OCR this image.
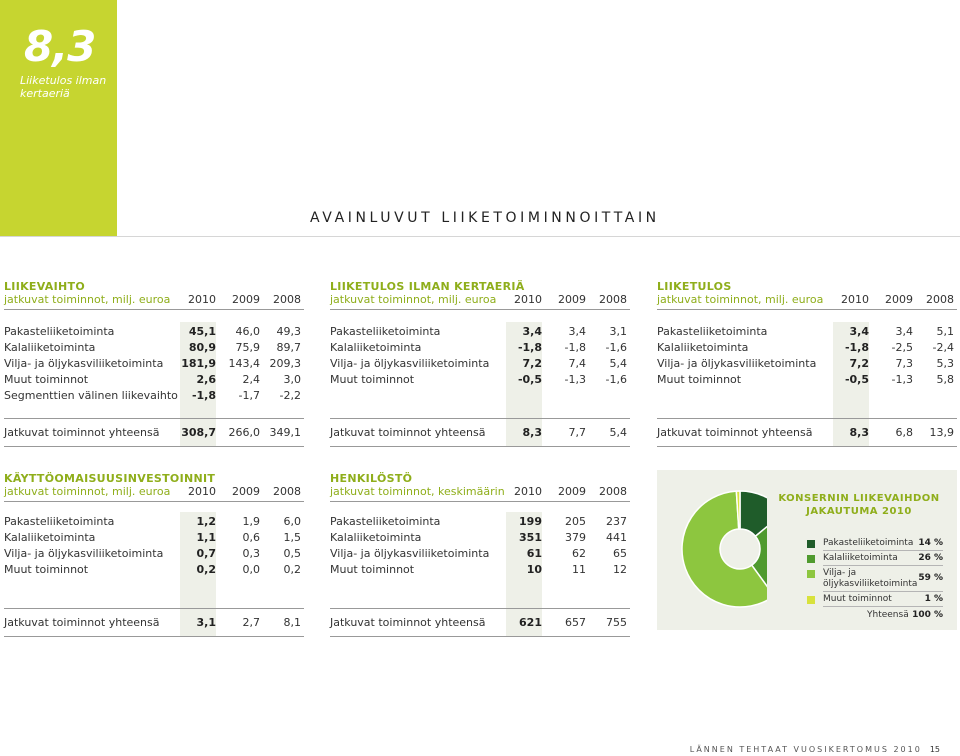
8,3
Liiketulos ilman kertaeriä
AVAINLUVUT LIIKETOIMINNOITTAIN
LIIKEVAIHTO
jatkuvat toiminnot, milj. euroa	2010	2009	2008
Pakasteliiketoiminta	45,1	46,0	49,3
Kalaliiketoiminta	80,9	75,9	89,7
Vilja- ja öljykasviliiketoiminta 181,9	143,4 209,3
Muut toiminnot	2,6	2,4	3,0
Segmenttien välinen liikevaihto	-1,8	-1,7	-2,2
Jatkuvat toiminnot yhteensä 308,7	266,0 349,1
LIIKETULOS ILMAN KERTAERIÄ
jatkuvat toiminnot, milj. euroa	2010	2009	2008
Pakasteliiketoiminta	3,4	3,4	3,1
Kalaliiketoiminta	-1,8	-1,8	-1,6
Vilja- ja öljykasviliiketoiminta	7,2	7,4	5,4
Muut toiminnot	-0,5	-1,3	-1,6
Jatkuvat toiminnot yhteensä	8,3	7,7	5,4
LIIKETULOS
jatkuvat toiminnot, milj. euroa	2010	2009	2008
Pakasteliiketoiminta	3,4	3,4	5,1
Kalaliiketoiminta	-1,8	-2,5	-2,4
Vilja- ja öljykasviliiketoiminta	7,2	7,3	5,3
Muut toiminnot	-0,5	-1,3	5,8
Jatkuvat toiminnot yhteensä	8,3	6,8	13,9
KÄYTTÖOMAISUUSINVESTOINNIT
jatkuvat toiminnot, milj. euroa	2010	2009	2008
Pakasteliiketoiminta	1,2	1,9	6,0
Kalaliiketoiminta	1,1	0,6	1,5
Vilja- ja öljykasviliiketoiminta	0,7	0,3	0,5
Muut toiminnot	0,2	0,0	0,2
Jatkuvat toiminnot yhteensä	3,1	2,7	8,1
HENKILÖSTÖ
jatkuvat toiminnot, keskimäärin 2010	2009	2008
Pakasteliiketoiminta	199	205	237
Kalaliiketoiminta	351	379	441
Vilja- ja öljykasviliiketoiminta	61	62	65
Muut toiminnot	10	11	12
Jatkuvat toiminnot yhteensä	621	657	755
KONSERNIN LIIKEVAIHDON JAKAUTUMA 2010
Pakasteliiketoiminta 14 %
Kalaliiketoiminta	26 %
Vilja- ja öljykasviliiketoiminta
59 %
Muut toiminnot	1 %
Yhteensä 100 %
LÄNNEN TEHTAAT VUOSIKERTOMUS 2010 15
